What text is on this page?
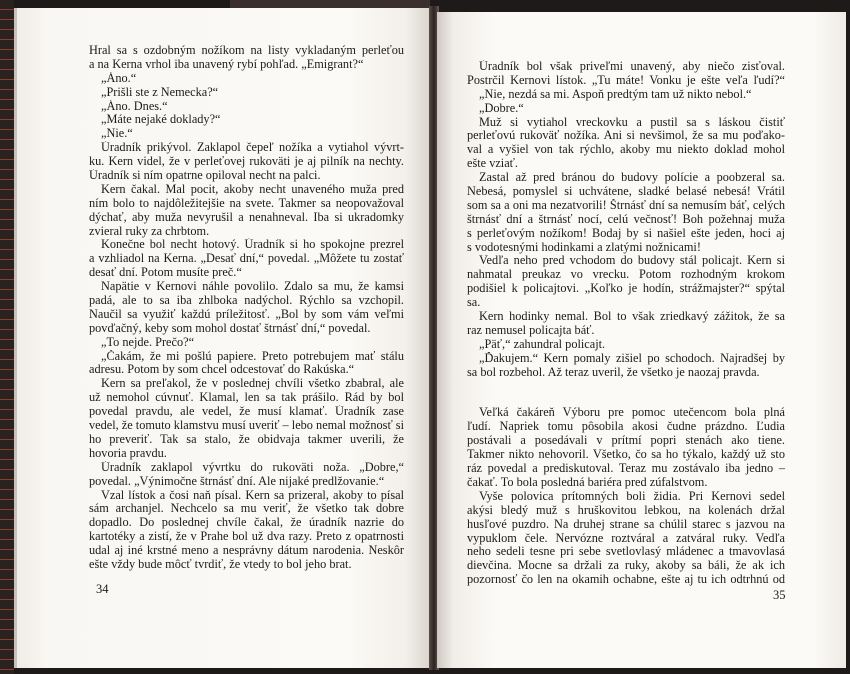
Hral sa s ozdobným nožíkom na listy vykladaným perleťou

a na Kerna vrhol iba unavený rybí pohľad. „Emigrant?“

„Áno.“

„Prišli ste z Nemecka?“

„Áno. Dnes.“

„Máte nejaké doklady?“

„Nie.“

Úradník prikývol. Zaklapol čepeľ nožíka a vytiahol vývrt-

ku. Kern videl, že v perleťovej rukoväti je aj pilník na nechty.

Úradník si ním opatrne opiloval necht na palci.

Kern čakal. Mal pocit, akoby necht unaveného muža pred

ním bolo to najdôležitejšie na svete. Takmer sa neopovažoval

dýchať, aby muža nevyrušil a nenahneval. Iba si ukradomky

zvieral ruky za chrbtom.

Konečne bol necht hotový. Úradník si ho spokojne prezrel

a vzhliadol na Kerna. „Desať dní,“ povedal. „Môžete tu zostať

desať dní. Potom musíte preč.“

Napätie v Kernovi náhle povolilo. Zdalo sa mu, že kamsi

padá, ale to sa iba zhlboka nadýchol. Rýchlo sa vzchopil.

Naučil sa využiť každú príležitosť. „Bol by som vám veľmi

povďačný, keby som mohol dostať štrnásť dní,“ povedal.

„To nejde. Prečo?“

„Čakám, že mi pošlú papiere. Preto potrebujem mať stálu

adresu. Potom by som chcel odcestovať do Rakúska.“

Kern sa preľakol, že v poslednej chvíli všetko zbabral, ale

už nemohol cúvnuť. Klamal, len sa tak prášilo. Rád by bol

povedal pravdu, ale vedel, že musí klamať. Úradník zase

vedel, že tomuto klamstvu musí uveriť – lebo nemal možnosť si

ho preveriť. Tak sa stalo, že obidvaja takmer uverili, že

hovoria pravdu.

Úradník zaklapol vývrtku do rukoväti noža. „Dobre,“

povedal. „Výnimočne štrnásť dní. Ale nijaké predlžovanie.“

Vzal lístok a čosi naň písal. Kern sa prizeral, akoby to písal

sám archanjel. Nechcelo sa mu veriť, že všetko tak dobre

dopadlo. Do poslednej chvíle čakal, že úradník nazrie do

kartotéky a zistí, že v Prahe bol už dva razy. Preto z opatrnosti

udal aj iné krstné meno a nesprávny dátum narodenia. Neskôr

ešte vždy bude môcť tvrdiť, že vtedy to bol jeho brat.

34

Úradník bol však priveľmi unavený, aby niečo zisťoval.

Postrčil Kernovi lístok. „Tu máte! Vonku je ešte veľa ľudí?“

„Nie, nezdá sa mi. Aspoň predtým tam už nikto nebol.“

„Dobre.“

Muž si vytiahol vreckovku a pustil sa s láskou čistiť

perleťovú rukoväť nožíka. Ani si nevšimol, že sa mu poďako-

val a vyšiel von tak rýchlo, akoby mu niekto doklad mohol

ešte vziať.

Zastal až pred bránou do budovy polície a poobzeral sa.

Nebesá, pomyslel si uchvátene, sladké belasé nebesá! Vrátil

som sa a oni ma nezatvorili! Štrnásť dní sa nemusím báť, celých

štrnásť dní a štrnásť nocí, celú večnosť! Boh požehnaj muža

s perleťovým nožíkom! Bodaj by si našiel ešte jeden, hoci aj

s vodotesnými hodinkami a zlatými nožnicami!

Vedľa neho pred vchodom do budovy stál policajt. Kern si

nahmatal preukaz vo vrecku. Potom rozhodným krokom

podišiel k policajtovi. „Koľko je hodín, strážmajster?“ spýtal

sa.

Kern hodinky nemal. Bol to však zriedkavý zážitok, že sa

raz nemusel policajta báť.

„Päť,“ zahundral policajt.

„Ďakujem.“ Kern pomaly zišiel po schodoch. Najradšej by

sa bol rozbehol. Až teraz uveril, že všetko je naozaj pravda.

Veľká čakáreň Výboru pre pomoc utečencom bola plná

ľudí. Napriek tomu pôsobila akosi čudne prázdno. Ľudia

postávali a posedávali v prítmí popri stenách ako tiene.

Takmer nikto nehovoril. Všetko, čo sa ho týkalo, každý už sto

ráz povedal a prediskutoval. Teraz mu zostávalo iba jedno –

čakať. To bola posledná bariéra pred zúfalstvom.

Vyše polovica prítomných boli židia. Pri Kernovi sedel

akýsi bledý muž s hruškovitou lebkou, na kolenách držal

husľové puzdro. Na druhej strane sa chúlil starec s jazvou na

vypuklom čele. Nervózne roztváral a zatváral ruky. Vedľa

neho sedeli tesne pri sebe svetlovlasý mládenec a tmavovlasá

dievčina. Mocne sa držali za ruky, akoby sa báli, že ak ich

pozornosť čo len na okamih ochabne, ešte aj tu ich odtrhnú od

35
